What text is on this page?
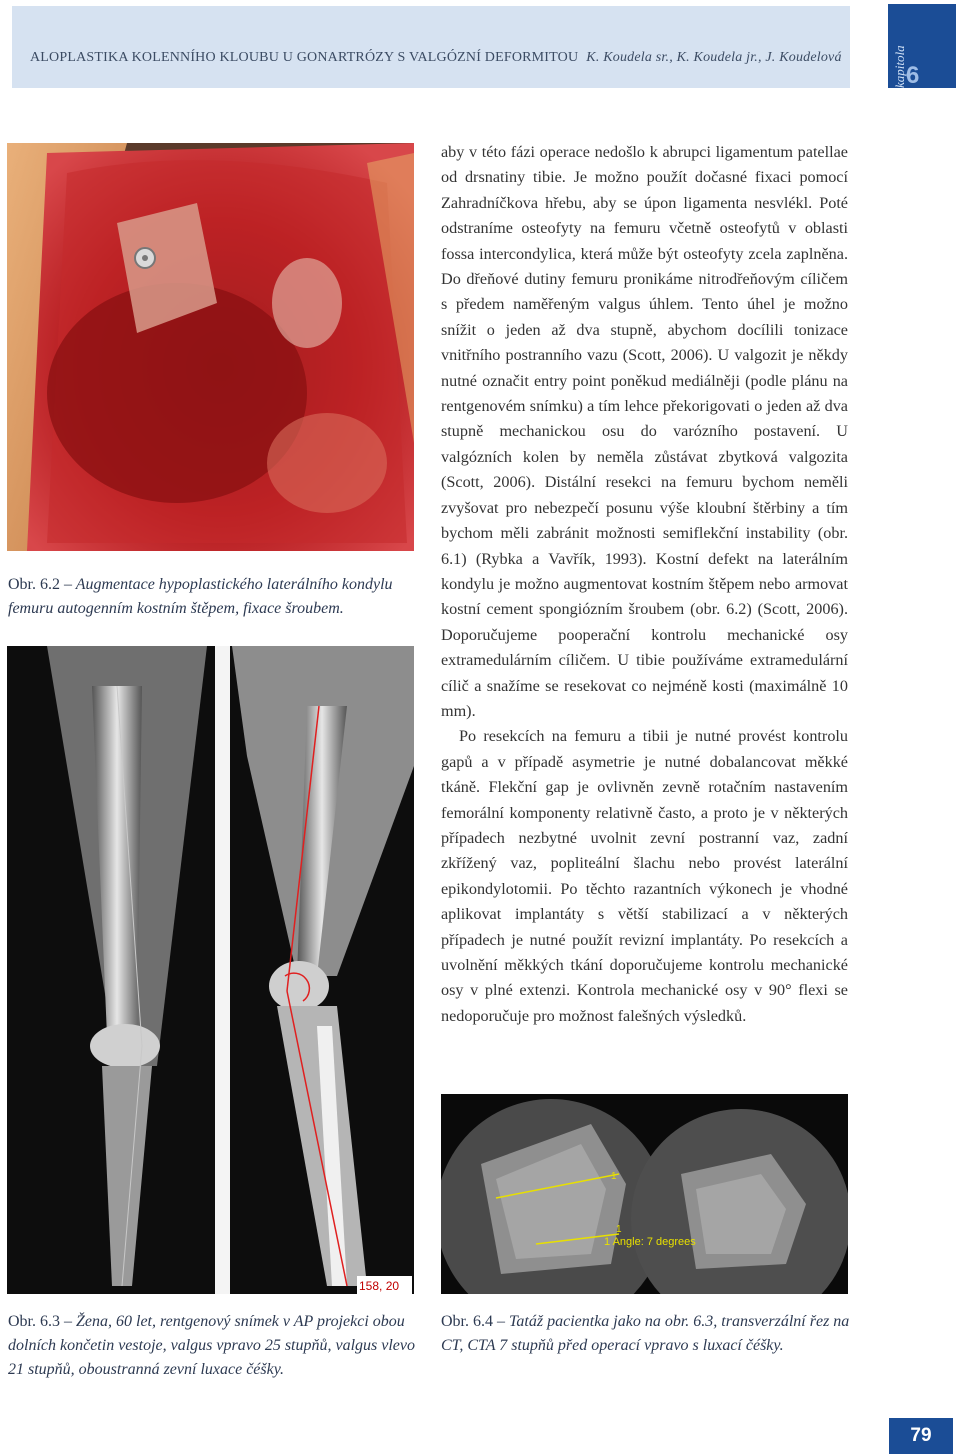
ALOPLASTIKA KOLENNÍHO KLOUBU U GONARTRÓZY S VALGÓZNÍ DEFORMITOU K. Koudela sr., K. Koudela jr., J. Koudelová	kapitola 6
Obr. 6.2 – Augmentace hypoplastického laterálního kondylu femuru autogenním kostním štěpem, fixace šroubem.
158, 20
Obr. 6.3 – Žena, 60 let, rentgenový snímek v AP projekci obou dolních končetin vestoje, valgus vpravo 25 stupňů, valgus vlevo 21 stupňů, oboustranná zevní luxace čéšky.
1
1
1 Angle: 7 degrees
Obr. 6.4 – Tatáž pacientka jako na obr. 6.3, transverzální řez na CT, CTA 7 stupňů před operací vpravo s luxací čéšky.

aby v této fázi operace nedošlo k abrupci ligamentum patellae od drsnatiny tibie. Je možno použít dočasné fixaci pomocí Zahradníčkova hřebu, aby se úpon ligamenta nesvlékl. Poté odstraníme osteofyty na femuru včetně osteofytů v oblasti fossa intercondylica, která může být osteofyty zcela zaplněna. Do dřeňové dutiny femuru pronikáme nitrodřeňovým cíličem s předem naměřeným valgus úhlem. Tento úhel je možno snížit o jeden až dva stupně, abychom docílili tonizace vnitřního postranního vazu (Scott, 2006). U valgozit je někdy nutné označit entry point poněkud mediálněji (podle plánu na rentgenovém snímku) a tím lehce překorigovati o jeden až dva stupně mechanickou osu do varózního postavení. U valgózních kolen by neměla zůstávat zbytková valgozita (Scott, 2006). Distální resekci na femuru bychom neměli zvyšovat pro nebezpečí posunu výše kloubní štěrbiny a tím bychom měli zabránit možnosti semiflekční instability (obr. 6.1) (Rybka a Vavřík, 1993). Kostní defekt na laterálním kondylu je možno augmentovat kostním štěpem nebo armovat kostní cement spongiózním šroubem (obr. 6.2) (Scott, 2006). Doporučujeme pooperační kontrolu mechanické osy extramedulárním cíličem. U tibie používáme extramedulární cílič a snažíme se resekovat co nejméně kosti (maximálně 10 mm).

Po resekcích na femuru a tibii je nutné provést kontrolu gapů a v případě asymetrie je nutné dobalancovat měkké tkáně. Flekční gap je ovlivněn zevně rotačním nastavením femorální komponenty relativně často, a proto je v některých případech nezbytné uvolnit zevní postranní vaz, zadní zkřížený vaz, popliteální šlachu nebo provést laterální epikondylotomii. Po těchto razantních výkonech je vhodné aplikovat implantáty s větší stabilizací a v některých případech je nutné použít revizní implantáty. Po resekcích a uvolnění měkkých tkání doporučujeme kontrolu mechanické osy v plné extenzi. Kontrola mechanické osy v 90° flexi se nedoporučuje pro možnost falešných výsledků.

79
